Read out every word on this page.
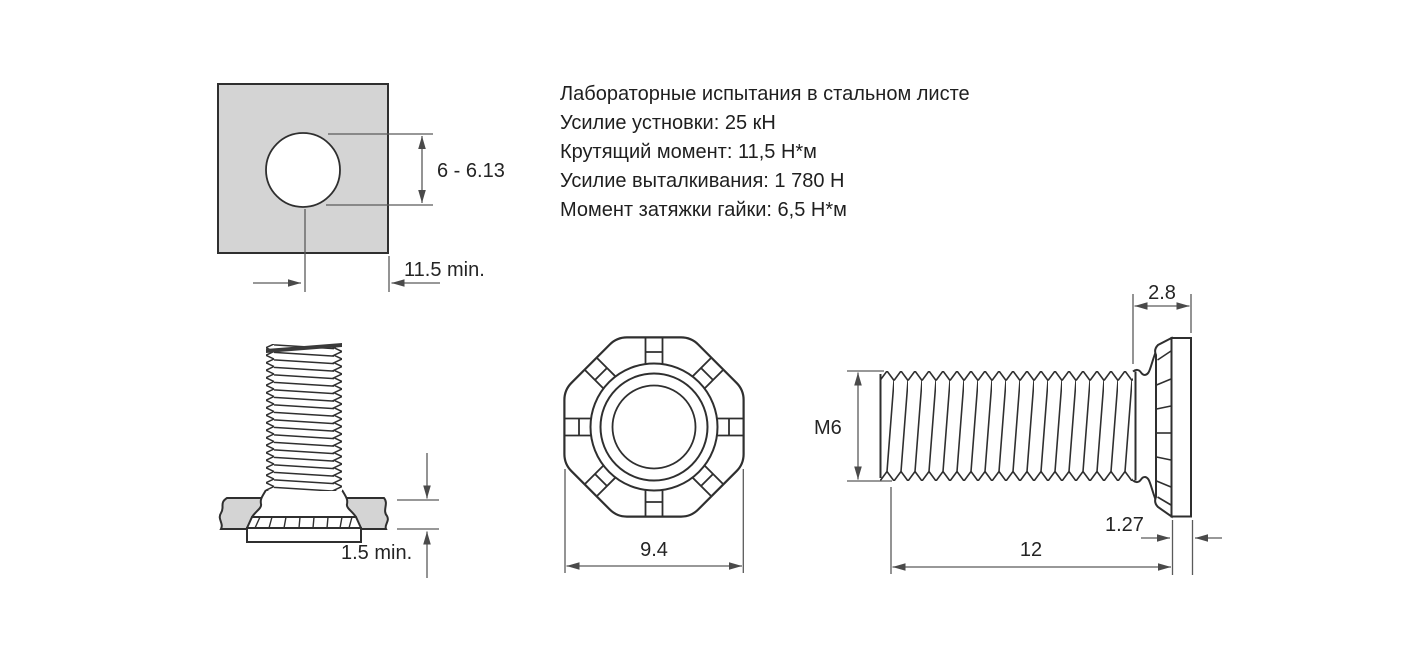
Лабораторные испытания в стальном листе
Усилие устновки: 25 кН
Крутящий момент: 11,5 Н*м
Усилие выталкивания: 1 780 Н
Момент затяжки гайки: 6,5 Н*м
6 - 6.13
11.5 min.
1.5 min.	9.4
M6
2.8
12
1.27
